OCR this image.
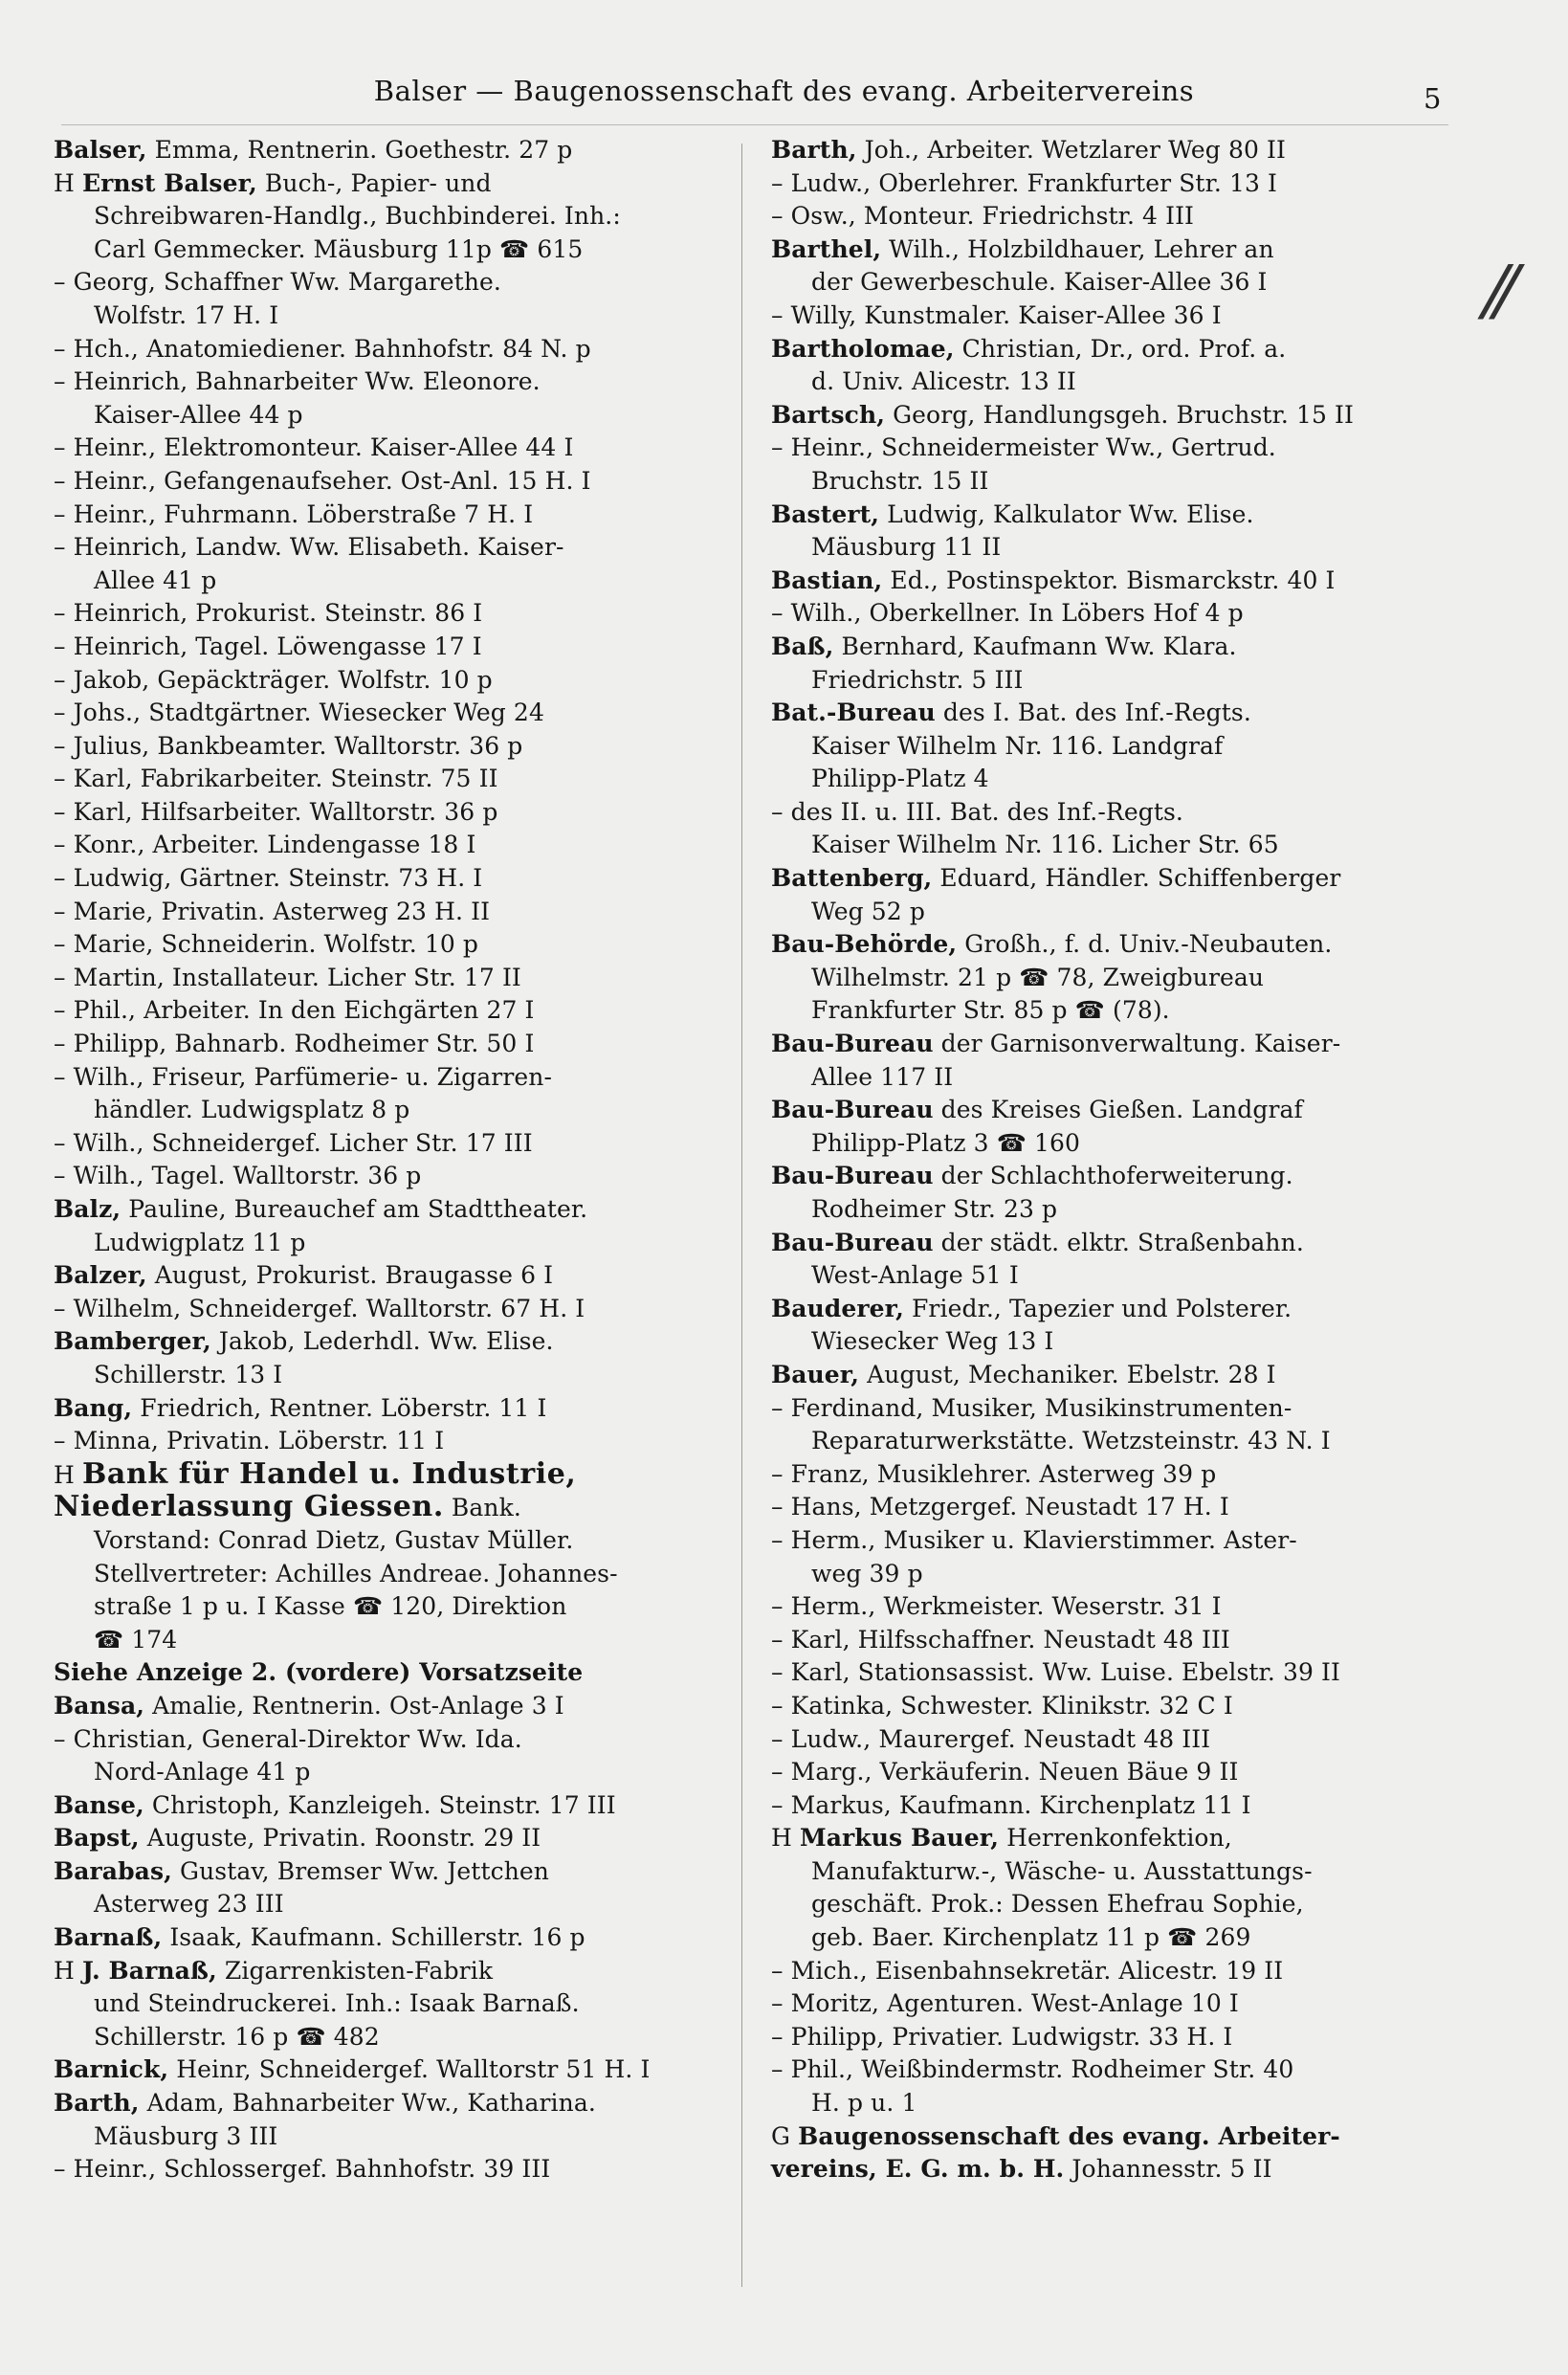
Balser — Baugenossenschaft des evang. Arbeitervereins	5
Balser, Emma, Rentnerin. Goethestr. 27 p
H Ernst Balser, Buch-, Papier- und
Schreibwaren-Handlg., Buchbinderei. Inh.:
Carl Gemmecker. Mäusburg 11p ☎ 615
– Georg, Schaffner Ww. Margarethe.
Wolfstr. 17 H. I
– Hch., Anatomiediener. Bahnhofstr. 84 N. p
– Heinrich, Bahnarbeiter Ww. Eleonore.
Kaiser-Allee 44 p
– Heinr., Elektromonteur. Kaiser-Allee 44 I
– Heinr., Gefangenaufseher. Ost-Anl. 15 H. I
– Heinr., Fuhrmann. Löberstraße 7 H. I
– Heinrich, Landw. Ww. Elisabeth. Kaiser-
Allee 41 p
– Heinrich, Prokurist. Steinstr. 86 I
– Heinrich, Tagel. Löwengasse 17 I
– Jakob, Gepäckträger. Wolfstr. 10 p
– Johs., Stadtgärtner. Wiesecker Weg 24
– Julius, Bankbeamter. Walltorstr. 36 p
– Karl, Fabrikarbeiter. Steinstr. 75 II
– Karl, Hilfsarbeiter. Walltorstr. 36 p
– Konr., Arbeiter. Lindengasse 18 I
– Ludwig, Gärtner. Steinstr. 73 H. I
– Marie, Privatin. Asterweg 23 H. II
– Marie, Schneiderin. Wolfstr. 10 p
– Martin, Installateur. Licher Str. 17 II
– Phil., Arbeiter. In den Eichgärten 27 I
– Philipp, Bahnarb. Rodheimer Str. 50 I
– Wilh., Friseur, Parfümerie- u. Zigarren-
händler. Ludwigsplatz 8 p
– Wilh., Schneidergef. Licher Str. 17 III
– Wilh., Tagel. Walltorstr. 36 p
Balz, Pauline, Bureauchef am Stadttheater.
Ludwigplatz 11 p
Balzer, August, Prokurist. Braugasse 6 I
– Wilhelm, Schneidergef. Walltorstr. 67 H. I
Bamberger, Jakob, Lederhdl. Ww. Elise.
Schillerstr. 13 I
Bang, Friedrich, Rentner. Löberstr. 11 I
– Minna, Privatin. Löberstr. 11 I
H Bank für Handel u. Industrie,
Niederlassung Giessen. Bank.
Vorstand: Conrad Dietz, Gustav Müller.
Stellvertreter: Achilles Andreae. Johannes-
straße 1 p u. I Kasse ☎ 120, Direktion
☎ 174
Siehe Anzeige 2. (vordere) Vorsatzseite
Bansa, Amalie, Rentnerin. Ost-Anlage 3 I
– Christian, General-Direktor Ww. Ida.
Nord-Anlage 41 p
Banse, Christoph, Kanzleigeh. Steinstr. 17 III
Bapst, Auguste, Privatin. Roonstr. 29 II
Barabas, Gustav, Bremser Ww. Jettchen
Asterweg 23 III
Barnaß, Isaak, Kaufmann. Schillerstr. 16 p
H J. Barnaß, Zigarrenkisten-Fabrik
und Steindruckerei. Inh.: Isaak Barnaß.
Schillerstr. 16 p ☎ 482
Barnick, Heinr, Schneidergef. Walltorstr 51 H. I
Barth, Adam, Bahnarbeiter Ww., Katharina.
Mäusburg 3 III
– Heinr., Schlossergef. Bahnhofstr. 39 III
Barth, Joh., Arbeiter. Wetzlarer Weg 80 II
– Ludw., Oberlehrer. Frankfurter Str. 13 I
– Osw., Monteur. Friedrichstr. 4 III
Barthel, Wilh., Holzbildhauer, Lehrer an
der Gewerbeschule. Kaiser-Allee 36 I
– Willy, Kunstmaler. Kaiser-Allee 36 I
Bartholomae, Christian, Dr., ord. Prof. a.
d. Univ. Alicestr. 13 II
Bartsch, Georg, Handlungsgeh. Bruchstr. 15 II
– Heinr., Schneidermeister Ww., Gertrud.
Bruchstr. 15 II
Bastert, Ludwig, Kalkulator Ww. Elise.
Mäusburg 11 II
Bastian, Ed., Postinspektor. Bismarckstr. 40 I
– Wilh., Oberkellner. In Löbers Hof 4 p
Baß, Bernhard, Kaufmann Ww. Klara.
Friedrichstr. 5 III
Bat.-Bureau des I. Bat. des Inf.-Regts.
Kaiser Wilhelm Nr. 116. Landgraf
Philipp-Platz 4
– des II. u. III. Bat. des Inf.-Regts.
Kaiser Wilhelm Nr. 116. Licher Str. 65
Battenberg, Eduard, Händler. Schiffenberger
Weg 52 p
Bau-Behörde, Großh., f. d. Univ.-Neubauten.
Wilhelmstr. 21 p ☎ 78, Zweigbureau
Frankfurter Str. 85 p ☎ (78).
Bau-Bureau der Garnisonverwaltung. Kaiser-
Allee 117 II
Bau-Bureau des Kreises Gießen. Landgraf
Philipp-Platz 3 ☎ 160
Bau-Bureau der Schlachthoferweiterung.
Rodheimer Str. 23 p
Bau-Bureau der städt. elktr. Straßenbahn.
West-Anlage 51 I
Bauderer, Friedr., Tapezier und Polsterer.
Wiesecker Weg 13 I
Bauer, August, Mechaniker. Ebelstr. 28 I
– Ferdinand, Musiker, Musikinstrumenten-
Reparaturwerkstätte. Wetzsteinstr. 43 N. I
– Franz, Musiklehrer. Asterweg 39 p
– Hans, Metzgergef. Neustadt 17 H. I
– Herm., Musiker u. Klavierstimmer. Aster-
weg 39 p
– Herm., Werkmeister. Weserstr. 31 I
– Karl, Hilfsschaffner. Neustadt 48 III
– Karl, Stationsassist. Ww. Luise. Ebelstr. 39 II
– Katinka, Schwester. Klinikstr. 32 C I
– Ludw., Maurergef. Neustadt 48 III
– Marg., Verkäuferin. Neuen Bäue 9 II
– Markus, Kaufmann. Kirchenplatz 11 I
H Markus Bauer, Herrenkonfektion,
Manufakturw.-, Wäsche- u. Ausstattungs-
geschäft. Prok.: Dessen Ehefrau Sophie,
geb. Baer. Kirchenplatz 11 p ☎ 269
– Mich., Eisenbahnsekretär. Alicestr. 19 II
– Moritz, Agenturen. West-Anlage 10 I
– Philipp, Privatier. Ludwigstr. 33 H. I
– Phil., Weißbindermstr. Rodheimer Str. 40
H. p u. 1
G Baugenossenschaft des evang. Arbeiter-
vereins, E. G. m. b. H. Johannesstr. 5 II
//
